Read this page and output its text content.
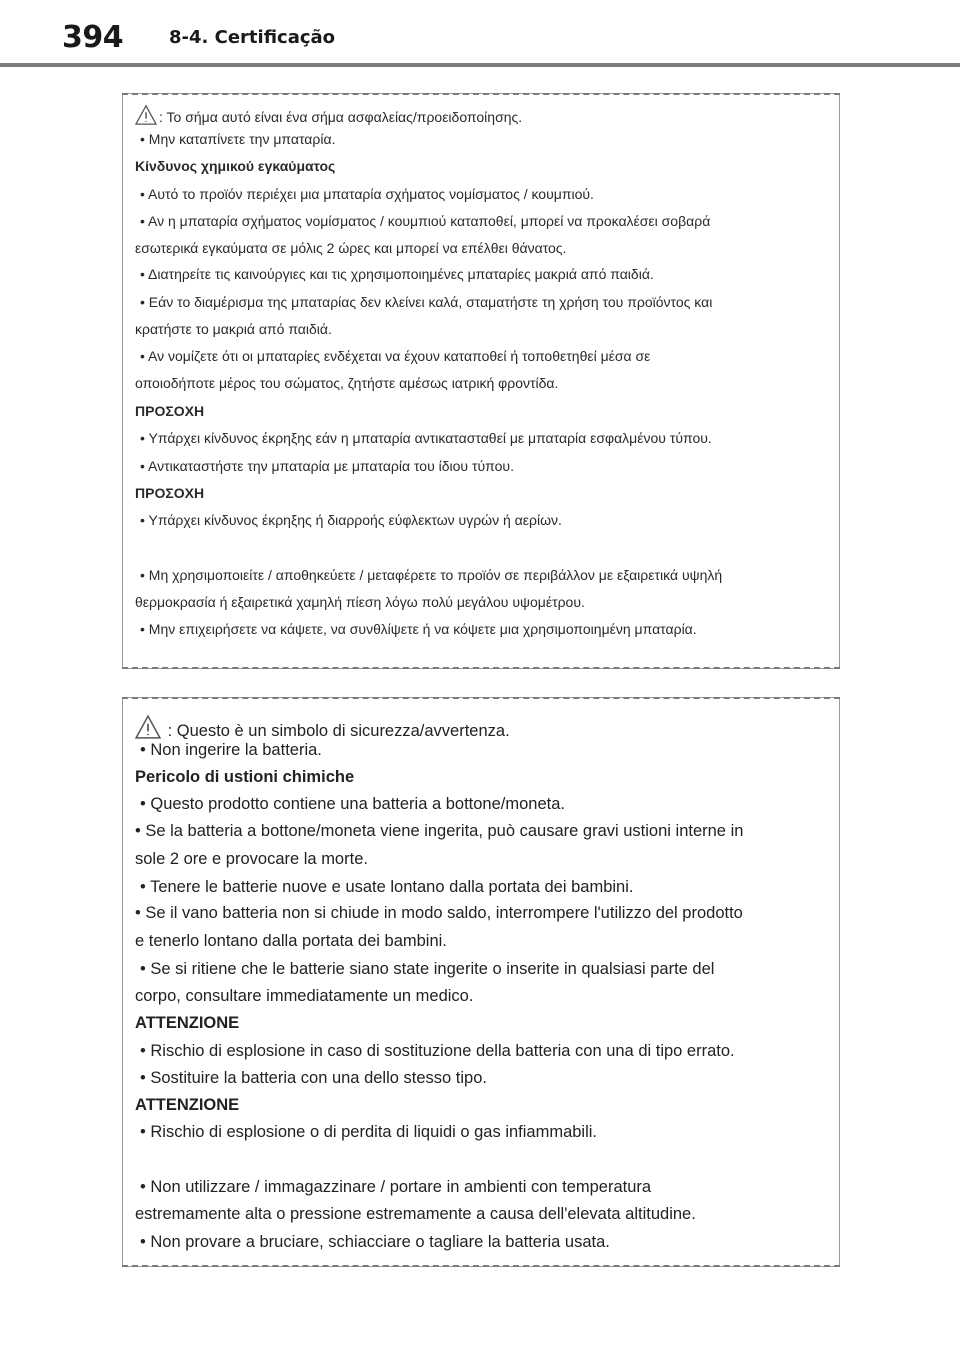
394	8-4. Certificação
: Το σήμα αυτό είναι ένα σήμα ασφαλείας/προειδοποίησης.
• Μην καταπίνετε την μπαταρία.
Κίνδυνος χημικού εγκαύματος
• Αυτό το προϊόν περιέχει μια μπαταρία σχήματος νομίσματος / κουμπιού.
• Αν η μπαταρία σχήματος νομίσματος / κουμπιού καταποθεί, μπορεί να προκαλέσει σοβαρά
εσωτερικά εγκαύματα σε μόλις 2 ώρες και μπορεί να επέλθει θάνατος.
• Διατηρείτε τις καινούργιες και τις χρησιμοποιημένες μπαταρίες μακριά από παιδιά.
• Εάν το διαμέρισμα της μπαταρίας δεν κλείνει καλά, σταματήστε τη χρήση του προϊόντος και
κρατήστε το μακριά από παιδιά.
• Αν νομίζετε ότι οι μπαταρίες ενδέχεται να έχουν καταποθεί ή τοποθετηθεί μέσα σε
οποιοδήποτε μέρος του σώματος, ζητήστε αμέσως ιατρική φροντίδα.
ΠΡΟΣΟΧΗ
• Υπάρχει κίνδυνος έκρηξης εάν η μπαταρία αντικατασταθεί με μπαταρία εσφαλμένου τύπου.
• Αντικαταστήστε την μπαταρία με μπαταρία του ίδιου τύπου.
ΠΡΟΣΟΧΗ
• Υπάρχει κίνδυνος έκρηξης ή διαρροής εύφλεκτων υγρών ή αερίων.
• Μη χρησιμοποιείτε / αποθηκεύετε / μεταφέρετε το προϊόν σε περιβάλλον με εξαιρετικά υψηλή
θερμοκρασία ή εξαιρετικά χαμηλή πίεση λόγω πολύ μεγάλου υψομέτρου.
• Μην επιχειρήσετε να κάψετε, να συνθλίψετε ή να κόψετε μια χρησιμοποιημένη μπαταρία.
: Questo è un simbolo di sicurezza/avvertenza.
• Non ingerire la batteria.
Pericolo di ustioni chimiche
• Questo prodotto contiene una batteria a bottone/moneta.
• Se la batteria a bottone/moneta viene ingerita, può causare gravi ustioni interne in
sole 2 ore e provocare la morte.
• Tenere le batterie nuove e usate lontano dalla portata dei bambini.
• Se il vano batteria non si chiude in modo saldo, interrompere l'utilizzo del prodotto
e tenerlo lontano dalla portata dei bambini.
• Se si ritiene che le batterie siano state ingerite o inserite in qualsiasi parte del
corpo, consultare immediatamente un medico.
ATTENZIONE
• Rischio di esplosione in caso di sostituzione della batteria con una di tipo errato.
• Sostituire la batteria con una dello stesso tipo.
ATTENZIONE
• Rischio di esplosione o di perdita di liquidi o gas infiammabili.
• Non utilizzare / immagazzinare / portare in ambienti con temperatura
estremamente alta o pressione estremamente a causa dell'elevata altitudine.
• Non provare a bruciare, schiacciare o tagliare la batteria usata.
